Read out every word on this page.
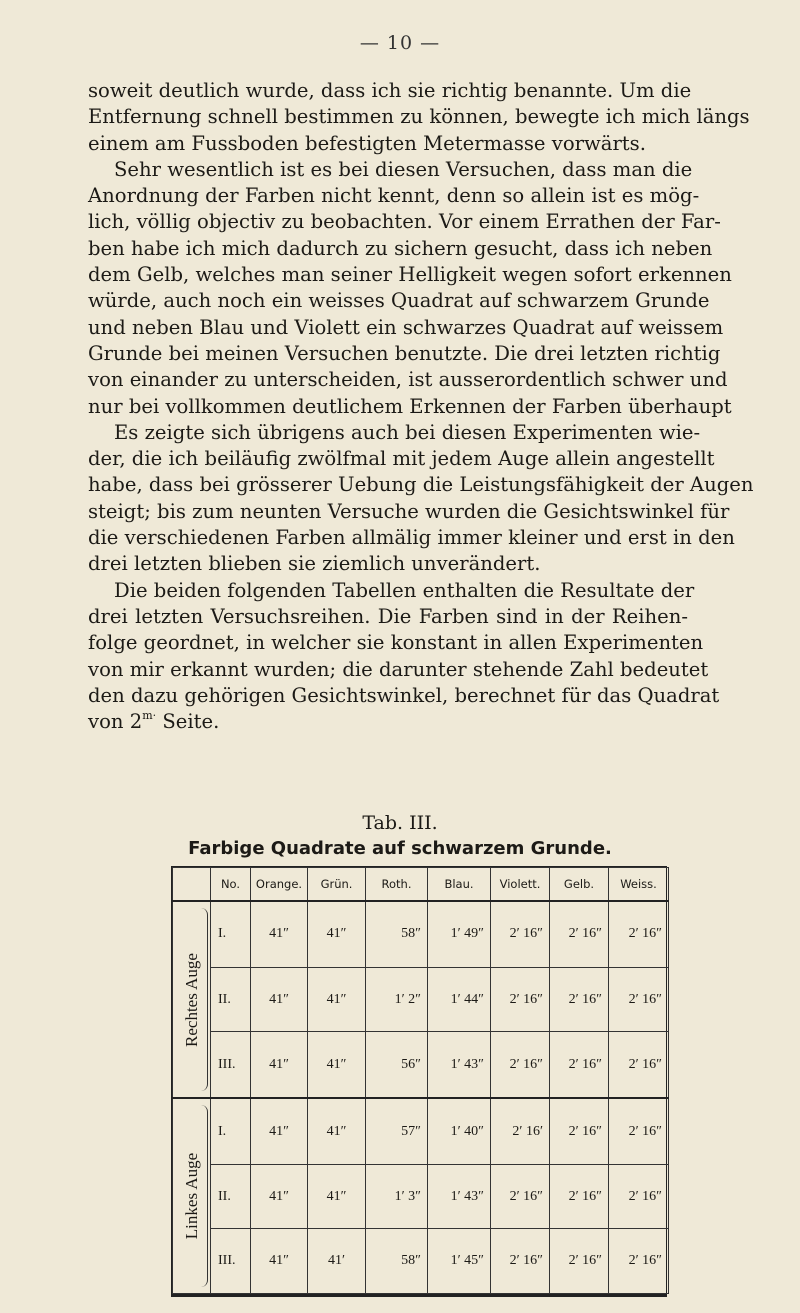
— 10 —
soweit deutlich wurde, dass ich sie richtig benannte. Um die
Entfernung schnell bestimmen zu können, bewegte ich mich längs
einem am Fussboden befestigten Metermasse vorwärts.
Sehr wesentlich ist es bei diesen Versuchen, dass man die
Anordnung der Farben nicht kennt, denn so allein ist es mög-
lich, völlig objectiv zu beobachten. Vor einem Errathen der Far-
ben habe ich mich dadurch zu sichern gesucht, dass ich neben
dem Gelb, welches man seiner Helligkeit wegen sofort erkennen
würde, auch noch ein weisses Quadrat auf schwarzem Grunde
und neben Blau und Violett ein schwarzes Quadrat auf weissem
Grunde bei meinen Versuchen benutzte. Die drei letzten richtig
von einander zu unterscheiden, ist ausserordentlich schwer und
nur bei vollkommen deutlichem Erkennen der Farben überhaupt
Es zeigte sich übrigens auch bei diesen Experimenten wie-
der, die ich beiläufig zwölfmal mit jedem Auge allein angestellt
habe, dass bei grösserer Uebung die Leistungsfähigkeit der Augen
steigt; bis zum neunten Versuche wurden die Gesichtswinkel für
die verschiedenen Farben allmälig immer kleiner und erst in den
drei letzten blieben sie ziemlich unverändert.
Die beiden folgenden Tabellen enthalten die Resultate der
drei letzten Versuchsreihen. Die Farben sind in der Reihen-
folge geordnet, in welcher sie konstant in allen Experimenten
von mir erkannt wurden; die darunter stehende Zahl bedeutet
den dazu gehörigen Gesichtswinkel, berechnet für das Quadrat
von $2^{m\cdot}$ Seite.
Tab. III.
Farbige Quadrate auf schwarzem Grunde.
	No.	Orange.	Grün.	Roth.	Blau.	Violett.	Gelb.	Weiss.

Rechtes Auge	I.	41″	41″	58″	1′ 49″	2′ 16″	2′ 16″	2′ 16″
	II.	41″	41″	1′ 2″	1′ 44″	2′ 16″	2′ 16″	2′ 16″
	III.	41″	41″	56″	1′ 43″	2′ 16″	2′ 16″	2′ 16″

Linkes Auge	I.	41″	41″	57″	1′ 40″	2′ 16′	2′ 16″	2′ 16″
	II.	41″	41″	1′ 3″	1′ 43″	2′ 16″	2′ 16″	2′ 16″
	III.	41″	41′	58″	1′ 45″	2′ 16″	2′ 16″	2′ 16″
